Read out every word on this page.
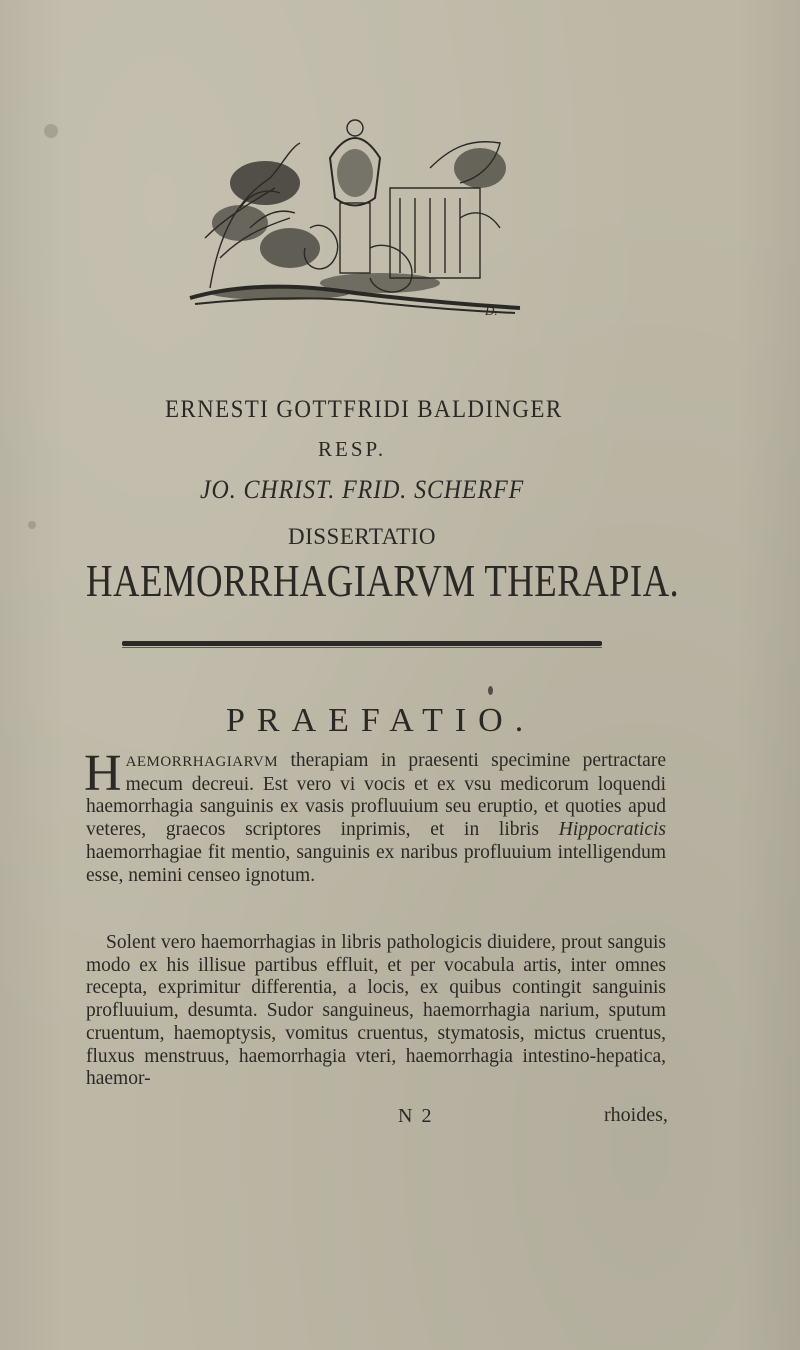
D.
ERNESTI GOTTFRIDI BALDINGER
RESP.
JO. CHRIST. FRID. SCHERFF
DISSERTATIO
HAEMORRHAGIARVM THERAPIA.
PRAEFATIO.

HAEMORRHAGIARVM therapiam in praesenti specimine pertractare mecum decreui. Est vero vi vocis et ex vsu medicorum loquendi haemorrhagia sanguinis ex vasis profluuium seu eruptio, et quoties apud veteres, graecos scriptores inprimis, et in libris Hippocraticis haemorrhagiae fit mentio, sanguinis ex naribus profluuium intelligendum esse, nemini censeo ignotum.

Solent vero haemorrhagias in libris pathologicis diuidere, prout sanguis modo ex his illisue partibus effluit, et per vocabula artis, inter omnes recepta, exprimitur differentia, a locis, ex quibus contingit sanguinis profluuium, desumta. Sudor sanguineus, haemorrhagia narium, sputum cruentum, haemoptysis, vomitus cruentus, stymatosis, mictus cruentus, fluxus menstruus, haemorrhagia vteri, haemorrhagia intestino-hepatica, haemor-

N 2	rhoides,
